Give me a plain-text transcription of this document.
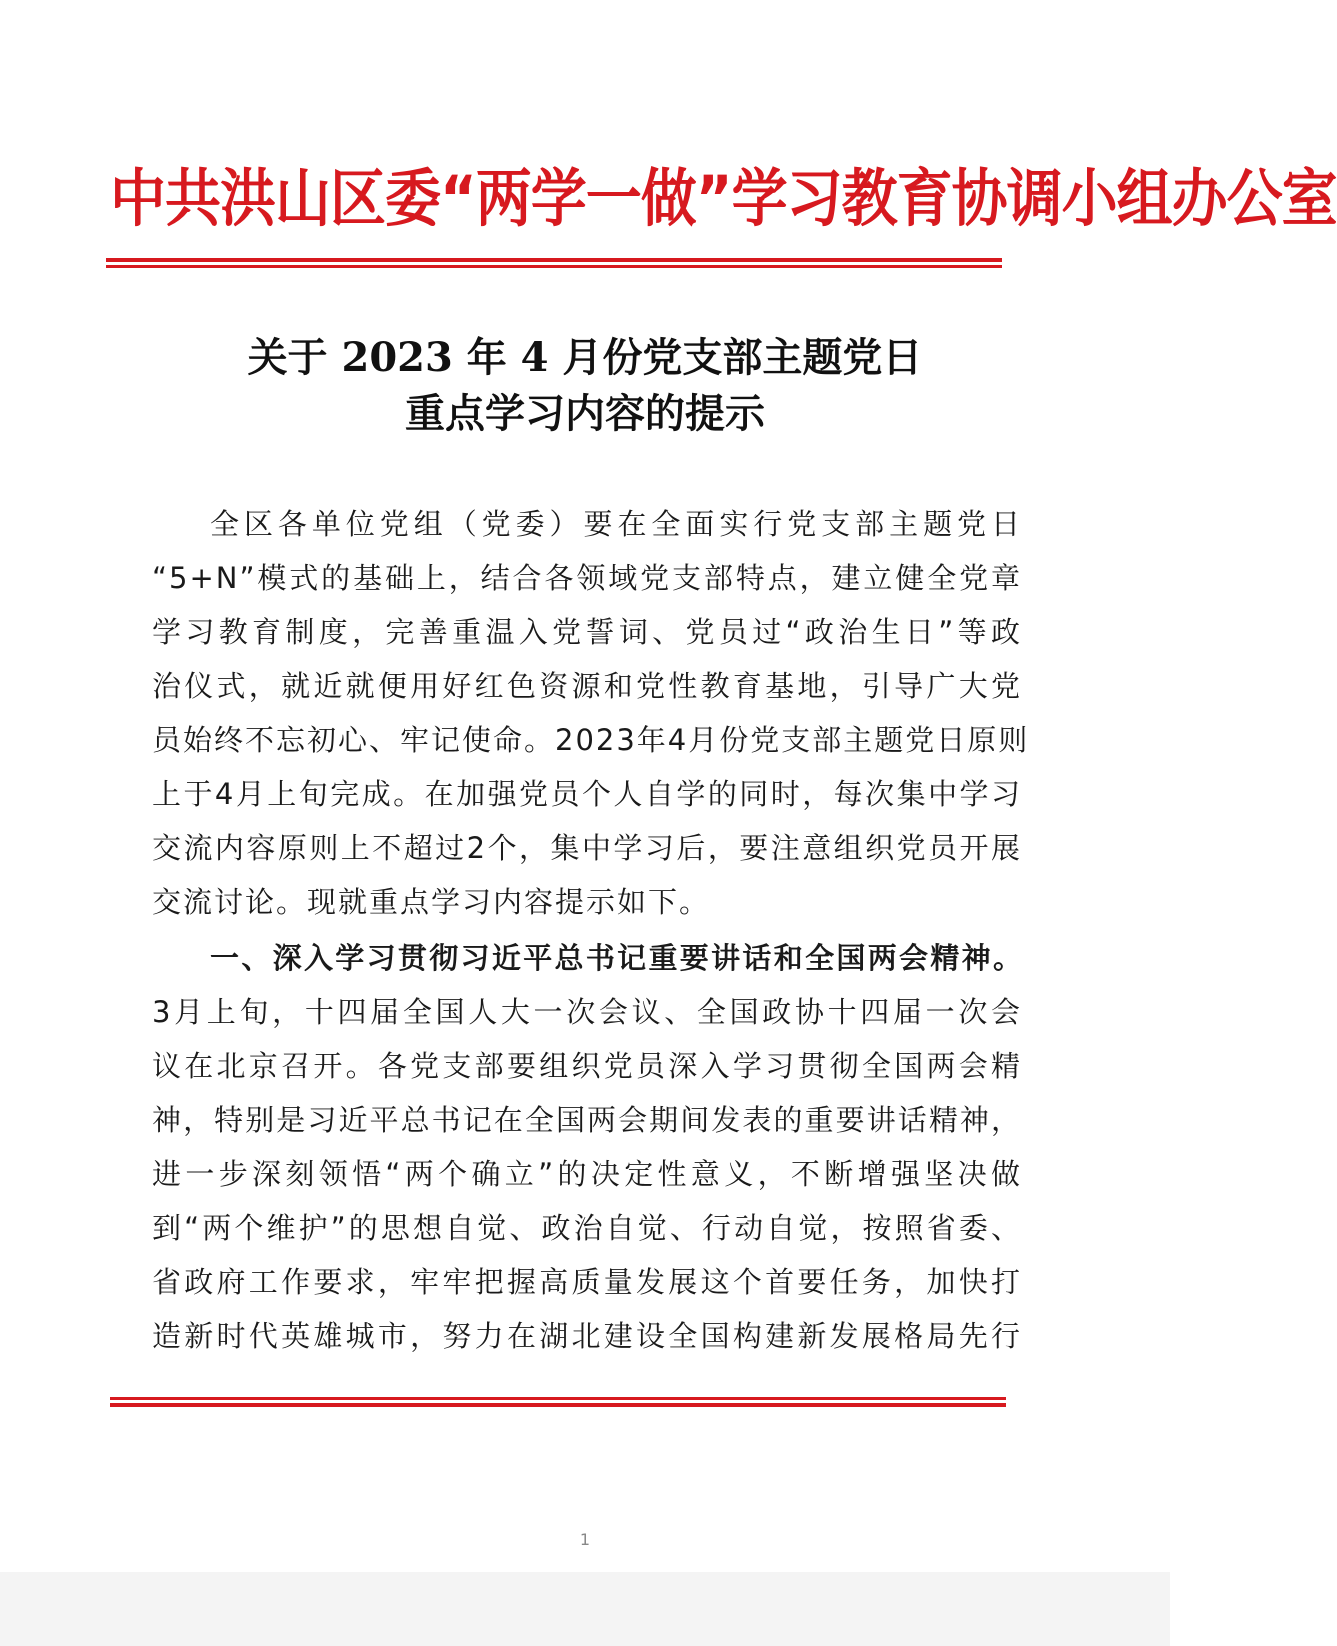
中共洪山区委“两学一做”学习教育协调小组办公室
关于 2023 年 4 月份党支部主题党日
重点学习内容的提示
全区各单位党组（党委）要在全面实行党支部主题党日
“5+N”模式的基础上，结合各领域党支部特点，建立健全党章
学习教育制度，完善重温入党誓词、党员过“政治生日”等政
治仪式，就近就便用好红色资源和党性教育基地，引导广大党
员始终不忘初心、牢记使命。2023年4月份党支部主题党日原则
上于4月上旬完成。在加强党员个人自学的同时，每次集中学习
交流内容原则上不超过2个，集中学习后，要注意组织党员开展
交流讨论。现就重点学习内容提示如下。
一、深入学习贯彻习近平总书记重要讲话和全国两会精神。
3月上旬，十四届全国人大一次会议、全国政协十四届一次会
议在北京召开。各党支部要组织党员深入学习贯彻全国两会精
神，特别是习近平总书记在全国两会期间发表的重要讲话精神，
进一步深刻领悟“两个确立”的决定性意义，不断增强坚决做
到“两个维护”的思想自觉、政治自觉、行动自觉，按照省委、
省政府工作要求，牢牢把握高质量发展这个首要任务，加快打
造新时代英雄城市，努力在湖北建设全国构建新发展格局先行
1
